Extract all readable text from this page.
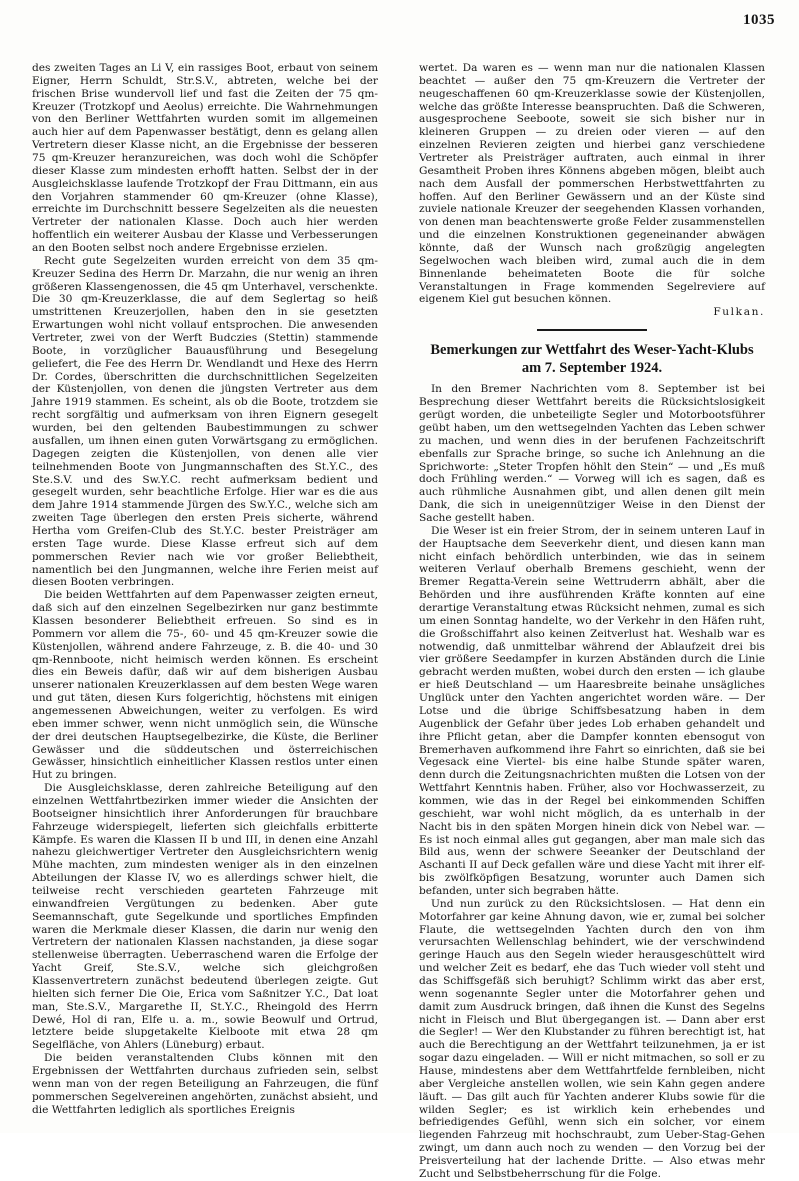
1035

des zweiten Tages an Li V, ein rassiges Boot, erbaut von seinem Eigner, Herrn Schuldt, Str.S.V., abtreten, welche bei der frischen Brise wundervoll lief und fast die Zeiten der 75 qm-Kreuzer (Trotzkopf und Aeolus) erreichte. Die Wahrnehmungen von den Berliner Wettfahrten wurden somit im allgemeinen auch hier auf dem Papenwasser bestätigt, denn es gelang allen Vertretern dieser Klasse nicht, an die Ergebnisse der besseren 75 qm-Kreuzer heranzureichen, was doch wohl die Schöpfer dieser Klasse zum mindesten erhofft hatten. Selbst der in der Ausgleichsklasse laufende Trotzkopf der Frau Dittmann, ein aus den Vorjahren stammender 60 qm-Kreuzer (ohne Klasse), erreichte im Durchschnitt bessere Segelzeiten als die neuesten Vertreter der nationalen Klasse. Doch auch hier werden hoffentlich ein weiterer Ausbau der Klasse und Verbesserungen an den Booten selbst noch andere Ergebnisse erzielen.

Recht gute Segelzeiten wurden erreicht von dem 35 qm-Kreuzer Sedina des Herrn Dr. Marzahn, die nur wenig an ihren größeren Klassengenossen, die 45 qm Unterhavel, verschenkte. Die 30 qm-Kreuzerklasse, die auf dem Seglertag so heiß umstrittenen Kreuzerjollen, haben den in sie gesetzten Erwartungen wohl nicht vollauf entsprochen. Die anwesenden Vertreter, zwei von der Werft Budczies (Stettin) stammende Boote, in vorzüglicher Bauausführung und Besegelung geliefert, die Fee des Herrn Dr. Wendlandt und Hexe des Herrn Dr. Cordes, überschritten die durchschnittlichen Segelzeiten der Küstenjollen, von denen die jüngsten Vertreter aus dem Jahre 1919 stammen. Es scheint, als ob die Boote, trotzdem sie recht sorgfältig und aufmerksam von ihren Eignern gesegelt wurden, bei den geltenden Baubestimmungen zu schwer ausfallen, um ihnen einen guten Vorwärtsgang zu ermöglichen. Dagegen zeigten die Küstenjollen, von denen alle vier teilnehmenden Boote von Jungmannschaften des St.Y.C., des Ste.S.V. und des Sw.Y.C. recht aufmerksam bedient und gesegelt wurden, sehr beachtliche Erfolge. Hier war es die aus dem Jahre 1914 stammende Jürgen des Sw.Y.C., welche sich am zweiten Tage überlegen den ersten Preis sicherte, während Hertha vom Greifen-Club des St.Y.C. bester Preisträger am ersten Tage wurde. Diese Klasse erfreut sich auf dem pommerschen Revier nach wie vor großer Beliebtheit, namentlich bei den Jungmannen, welche ihre Ferien meist auf diesen Booten verbringen.

Die beiden Wettfahrten auf dem Papenwasser zeigten erneut, daß sich auf den einzelnen Segelbezirken nur ganz bestimmte Klassen besonderer Beliebtheit erfreuen. So sind es in Pommern vor allem die 75-, 60- und 45 qm-Kreuzer sowie die Küstenjollen, während andere Fahrzeuge, z. B. die 40- und 30 qm-Rennboote, nicht heimisch werden können. Es erscheint dies ein Beweis dafür, daß wir auf dem bisherigen Ausbau unserer nationalen Kreuzerklassen auf dem besten Wege waren und gut täten, diesen Kurs folgerichtig, höchstens mit einigen angemessenen Abweichungen, weiter zu verfolgen. Es wird eben immer schwer, wenn nicht unmöglich sein, die Wünsche der drei deutschen Hauptsegelbezirke, die Küste, die Berliner Gewässer und die süddeutschen und österreichischen Gewässer, hinsichtlich einheitlicher Klassen restlos unter einen Hut zu bringen.

Die Ausgleichsklasse, deren zahlreiche Beteiligung auf den einzelnen Wettfahrtbezirken immer wieder die Ansichten der Bootseigner hinsichtlich ihrer Anforderungen für brauchbare Fahrzeuge widerspiegelt, lieferten sich gleichfalls erbitterte Kämpfe. Es waren die Klassen II b und III, in denen eine Anzahl nahezu gleichwertiger Vertreter den Ausgleichsrichtern wenig Mühe machten, zum mindesten weniger als in den einzelnen Abteilungen der Klasse IV, wo es allerdings schwer hielt, die teilweise recht verschieden gearteten Fahrzeuge mit einwandfreien Vergütungen zu bedenken. Aber gute Seemannschaft, gute Segelkunde und sportliches Empfinden waren die Merkmale dieser Klassen, die darin nur wenig den Vertretern der nationalen Klassen nachstanden, ja diese sogar stellenweise überragten. Ueberraschend waren die Erfolge der Yacht Greif, Ste.S.V., welche sich gleichgroßen Klassenvertretern zunächst bedeutend überlegen zeigte. Gut hielten sich ferner Die Oie, Erica vom Saßnitzer Y.C., Dat loat man, Ste.S.V., Margarethe II, St.Y.C., Rheingold des Herrn Dewé, Hol di ran, Elfe u. a. m., sowie Beowulf und Ortrud, letztere beide slupgetakelte Kielboote mit etwa 28 qm Segelfläche, von Ahlers (Lüneburg) erbaut.

Die beiden veranstaltenden Clubs können mit den Ergebnissen der Wettfahrten durchaus zufrieden sein, selbst wenn man von der regen Beteiligung an Fahrzeugen, die fünf pommerschen Segelvereinen angehörten, zunächst absieht, und die Wettfahrten lediglich als sportliches Ereignis

wertet. Da waren es — wenn man nur die nationalen Klassen beachtet — außer den 75 qm-Kreuzern die Vertreter der neugeschaffenen 60 qm-Kreuzerklasse sowie der Küstenjollen, welche das größte Interesse beanspruchten. Daß die Schweren, ausgesprochene Seeboote, soweit sie sich bisher nur in kleineren Gruppen — zu dreien oder vieren — auf den einzelnen Revieren zeigten und hierbei ganz verschiedene Vertreter als Preisträger auftraten, auch einmal in ihrer Gesamtheit Proben ihres Könnens abgeben mögen, bleibt auch nach dem Ausfall der pommerschen Herbstwettfahrten zu hoffen. Auf den Berliner Gewässern und an der Küste sind zuviele nationale Kreuzer der seegehenden Klassen vorhanden, von denen man beachtenswerte große Felder zusammenstellen und die einzelnen Konstruktionen gegeneinander abwägen könnte, daß der Wunsch nach großzügig angelegten Segelwochen wach bleiben wird, zumal auch die in dem Binnenlande beheimateten Boote die für solche Veranstaltungen in Frage kommenden Segelreviere auf eigenem Kiel gut besuchen können.

Fulkan.
Bemerkungen zur Wettfahrt des Weser-Yacht-Klubs am 7. September 1924.

In den Bremer Nachrichten vom 8. September ist bei Besprechung dieser Wettfahrt bereits die Rücksichtslosigkeit gerügt worden, die unbeteiligte Segler und Motorbootsführer geübt haben, um den wettsegelnden Yachten das Leben schwer zu machen, und wenn dies in der berufenen Fachzeitschrift ebenfalls zur Sprache bringe, so suche ich Anlehnung an die Sprichworte: „Steter Tropfen höhlt den Stein“ — und „Es muß doch Frühling werden.“ — Vorweg will ich es sagen, daß es auch rühmliche Ausnahmen gibt, und allen denen gilt mein Dank, die sich in uneigennütziger Weise in den Dienst der Sache gestellt haben.

Die Weser ist ein freier Strom, der in seinem unteren Lauf in der Hauptsache dem Seeverkehr dient, und diesen kann man nicht einfach behördlich unterbinden, wie das in seinem weiteren Verlauf oberhalb Bremens geschieht, wenn der Bremer Regatta-Verein seine Wettruderrn abhält, aber die Behörden und ihre ausführenden Kräfte konnten auf eine derartige Veranstaltung etwas Rücksicht nehmen, zumal es sich um einen Sonntag handelte, wo der Verkehr in den Häfen ruht, die Großschiffahrt also keinen Zeitverlust hat. Weshalb war es notwendig, daß unmittelbar während der Ablaufzeit drei bis vier größere Seedampfer in kurzen Abständen durch die Linie gebracht werden mußten, wobei durch den ersten — ich glaube er hieß Deutschland — um Haaresbreite beinahe unsägliches Unglück unter den Yachten angerichtet worden wäre. — Der Lotse und die übrige Schiffsbesatzung haben in dem Augenblick der Gefahr über jedes Lob erhaben gehandelt und ihre Pflicht getan, aber die Dampfer konnten ebensogut von Bremerhaven aufkommend ihre Fahrt so einrichten, daß sie bei Vegesack eine Viertel- bis eine halbe Stunde später waren, denn durch die Zeitungsnachrichten mußten die Lotsen von der Wettfahrt Kenntnis haben. Früher, also vor Hochwasserzeit, zu kommen, wie das in der Regel bei einkommenden Schiffen geschieht, war wohl nicht möglich, da es unterhalb in der Nacht bis in den späten Morgen hinein dick von Nebel war. — Es ist noch einmal alles gut gegangen, aber man male sich das Bild aus, wenn der schwere Seeanker der Deutschland der Aschanti II auf Deck gefallen wäre und diese Yacht mit ihrer elf- bis zwölfköpfigen Besatzung, worunter auch Damen sich befanden, unter sich begraben hätte.

Und nun zurück zu den Rücksichtslosen. — Hat denn ein Motorfahrer gar keine Ahnung davon, wie er, zumal bei solcher Flaute, die wettsegelnden Yachten durch den von ihm verursachten Wellenschlag behindert, wie der verschwindend geringe Hauch aus den Segeln wieder herausgeschüttelt wird und welcher Zeit es bedarf, ehe das Tuch wieder voll steht und das Schiffsgefäß sich beruhigt? Schlimm wirkt das aber erst, wenn sogenannte Segler unter die Motorfahrer gehen und damit zum Ausdruck bringen, daß ihnen die Kunst des Segelns nicht in Fleisch und Blut übergegangen ist. — Dann aber erst die Segler! — Wer den Klubstander zu führen berechtigt ist, hat auch die Berechtigung an der Wettfahrt teilzunehmen, ja er ist sogar dazu eingeladen. — Will er nicht mitmachen, so soll er zu Hause, mindestens aber dem Wettfahrtfelde fernbleiben, nicht aber Vergleiche anstellen wollen, wie sein Kahn gegen andere läuft. — Das gilt auch für Yachten anderer Klubs sowie für die wilden Segler; es ist wirklich kein erhebendes und befriedigendes Gefühl, wenn sich ein solcher, vor einem liegenden Fahrzeug mit hochschraubt, zum Ueber-Stag-Gehen zwingt, um dann auch noch zu wenden — den Vorzug bei der Preisverteilung hat der lachende Dritte. — Also etwas mehr Zucht und Selbstbeherrschung für die Folge.
